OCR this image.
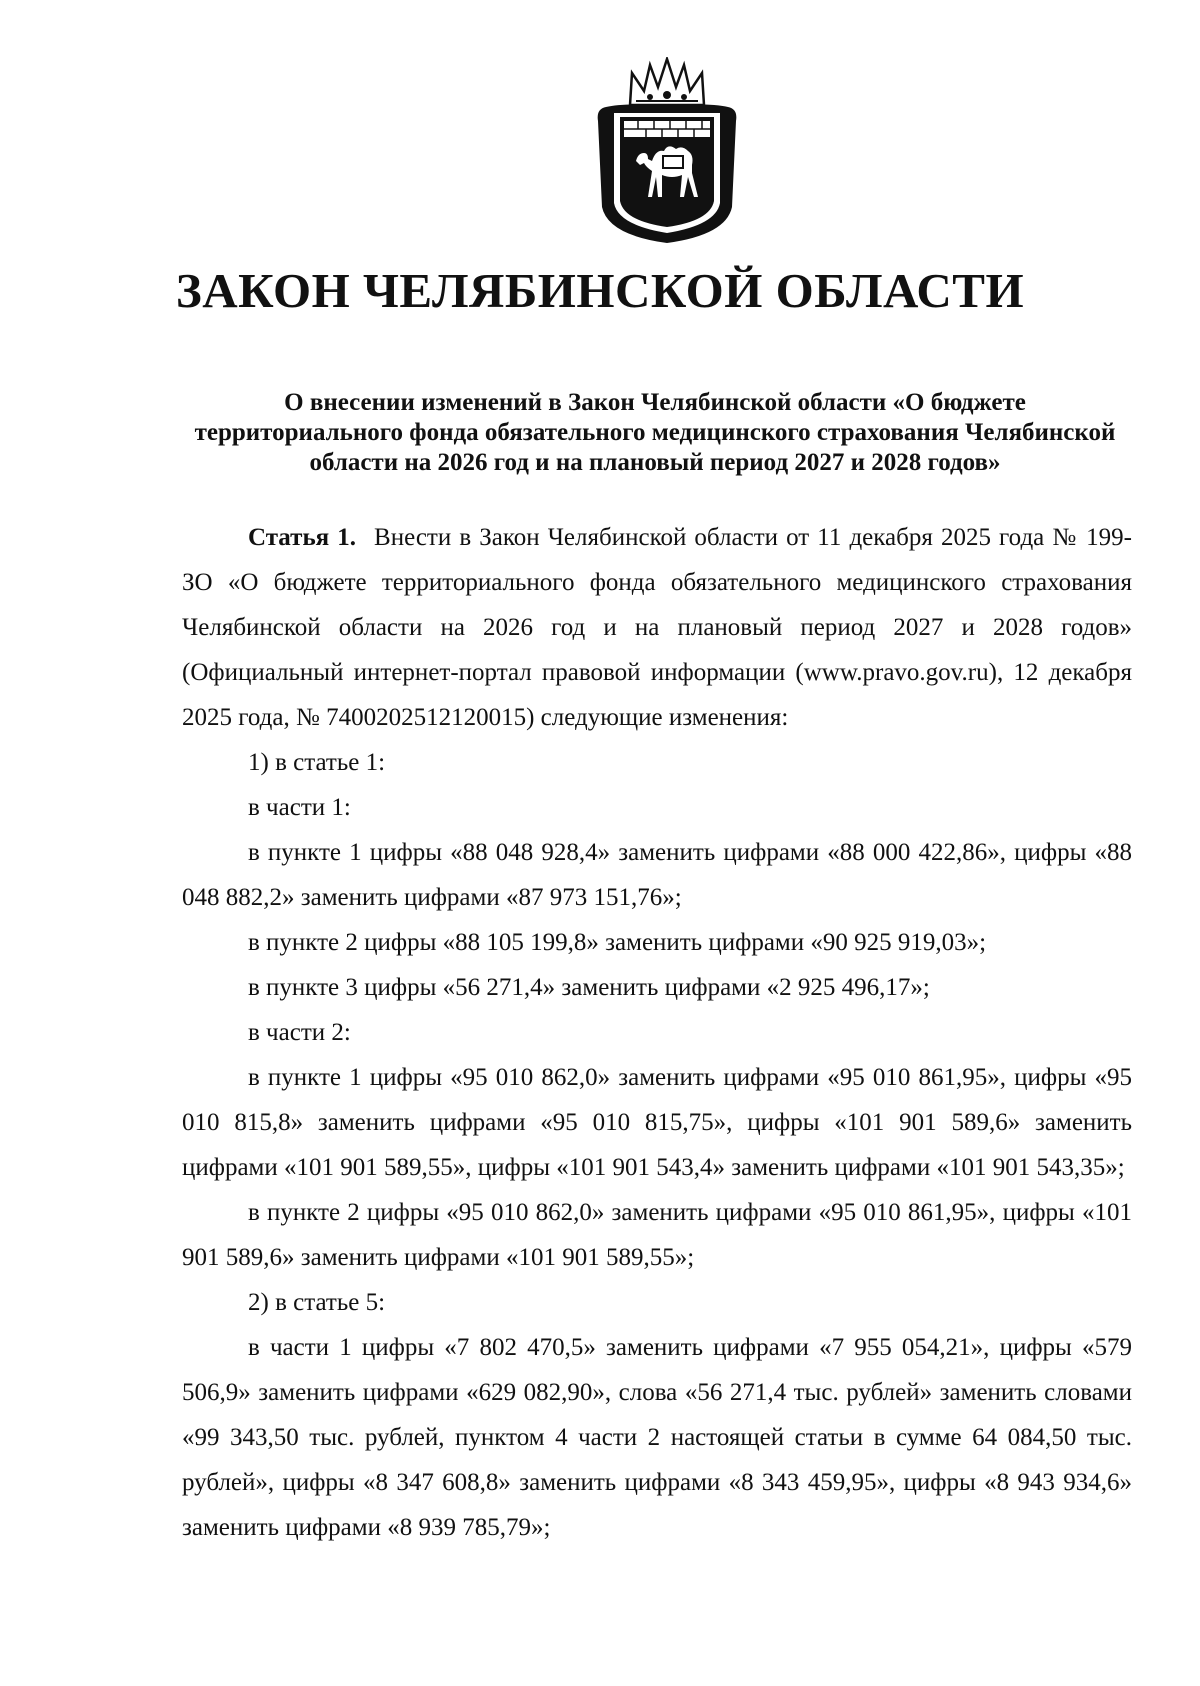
ЗАКОН ЧЕЛЯБИНСКОЙ ОБЛАСТИ
О внесении изменений в Закон Челябинской области «О бюджете
территориального фонда обязательного медицинского страхования Челябинской
области на 2026 год и на плановый период 2027 и 2028 годов»

Статья 1. Внести в Закон Челябинской области от 11 декабря 2025 года № 199-ЗО «О бюджете территориального фонда обязательного медицинского страхования Челябинской области на 2026 год и на плановый период 2027 и 2028 годов» (Официальный интернет-портал правовой информации (www.pravo.gov.ru), 12 декабря 2025 года, № 7400202512120015) следующие изменения:

1) в статье 1:

в части 1:

в пункте 1 цифры «88 048 928,4» заменить цифрами «88 000 422,86», цифры «88 048 882,2» заменить цифрами «87 973 151,76»;

в пункте 2 цифры «88 105 199,8» заменить цифрами «90 925 919,03»;

в пункте 3 цифры «56 271,4» заменить цифрами «2 925 496,17»;

в части 2:

в пункте 1 цифры «95 010 862,0» заменить цифрами «95 010 861,95», цифры «95 010 815,8» заменить цифрами «95 010 815,75», цифры «101 901 589,6» заменить цифрами «101 901 589,55», цифры «101 901 543,4» заменить цифрами «101 901 543,35»;

в пункте 2 цифры «95 010 862,0» заменить цифрами «95 010 861,95», цифры «101 901 589,6» заменить цифрами «101 901 589,55»;

2) в статье 5:

в части 1 цифры «7 802 470,5» заменить цифрами «7 955 054,21», цифры «579 506,9» заменить цифрами «629 082,90», слова «56 271,4 тыс. рублей» заменить словами «99 343,50 тыс. рублей, пунктом 4 части 2 настоящей статьи в сумме 64 084,50 тыс. рублей», цифры «8 347 608,8» заменить цифрами «8 343 459,95», цифры «8 943 934,6» заменить цифрами «8 939 785,79»;
